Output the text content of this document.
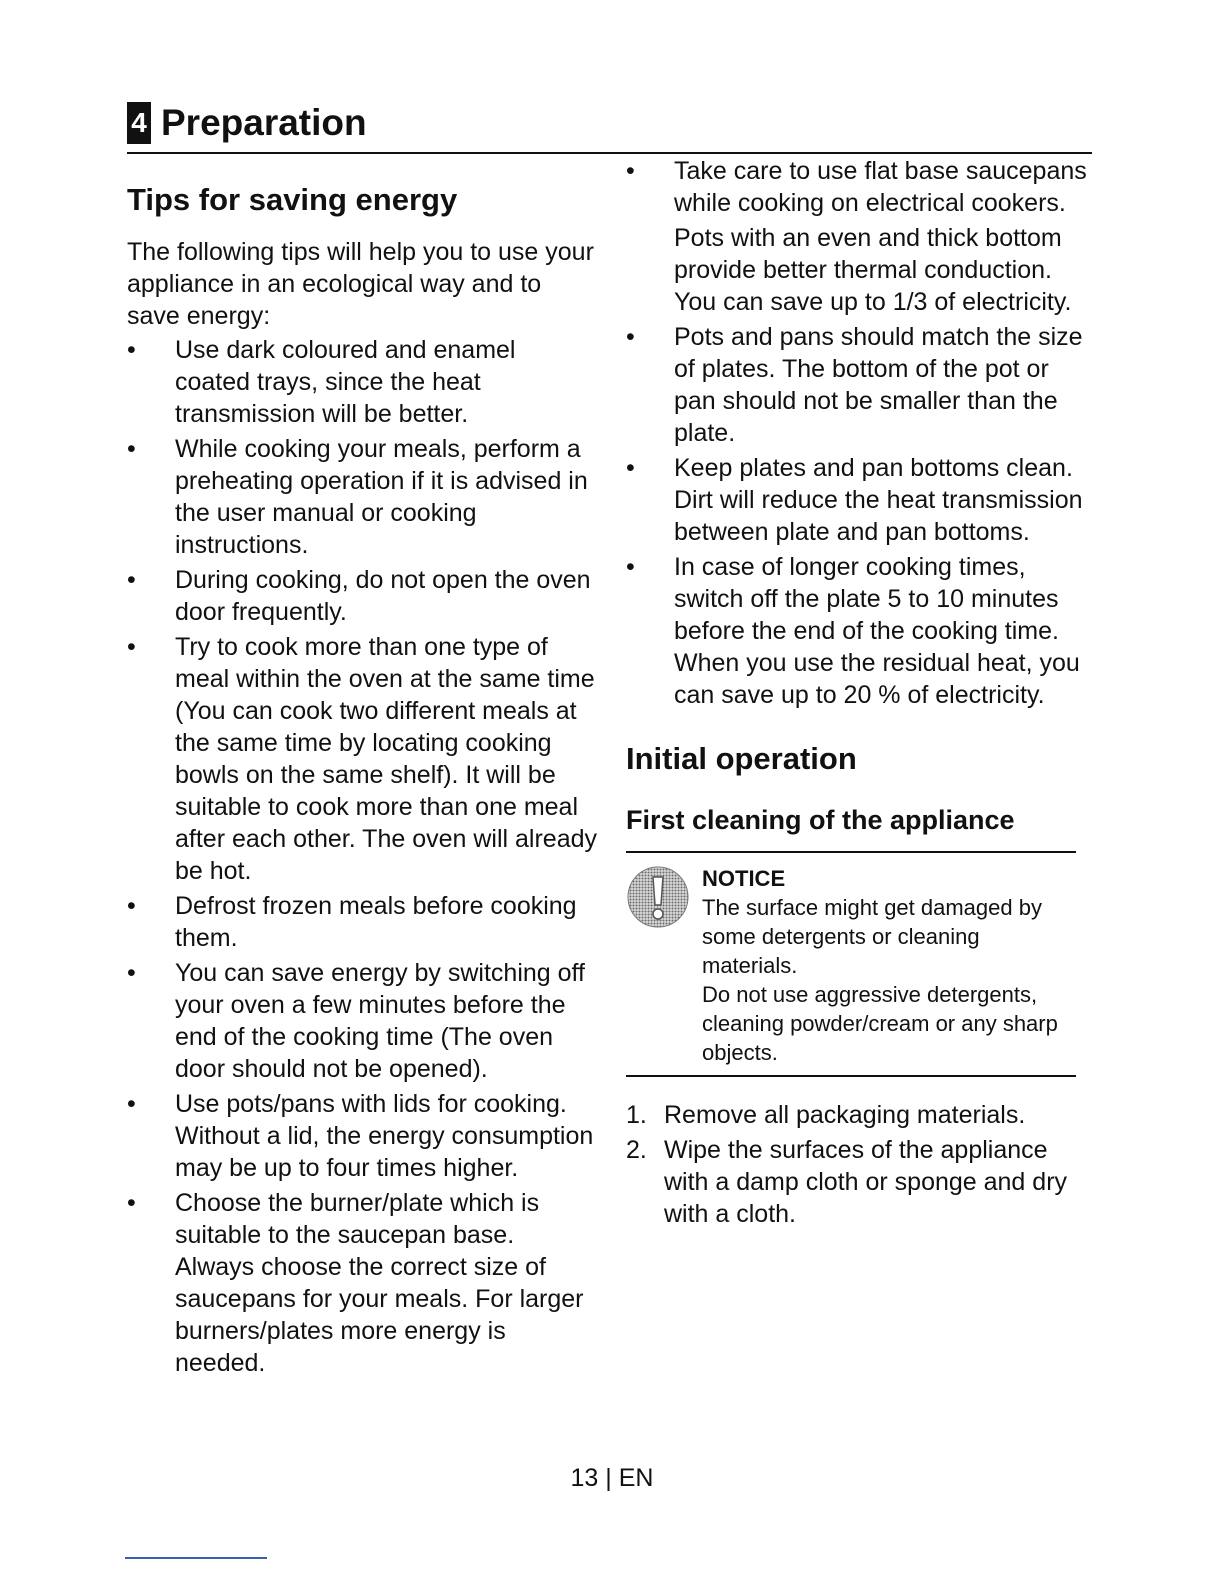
4 Preparation
Tips for saving energy

The following tips will help you to use your appliance in an ecological way and to save energy:

• Use dark coloured and enamel coated trays, since the heat transmission will be better.
• While cooking your meals, perform a preheating operation if it is advised in the user manual or cooking instructions.
• During cooking, do not open the oven door frequently.
• Try to cook more than one type of meal within the oven at the same time (You can cook two different meals at the same time by locating cooking bowls on the same shelf). It will be suitable to cook more than one meal after each other. The oven will already be hot.
• Defrost frozen meals before cooking them.
• You can save energy by switching off your oven a few minutes before the end of the cooking time (The oven door should not be opened).
• Use pots/pans with lids for cooking. Without a lid, the energy consumption may be up to four times higher.
• Choose the burner/plate which is suitable to the saucepan base. Always choose the correct size of saucepans for your meals. For larger burners/plates more energy is needed.
• Take care to use flat base saucepans while cooking on electrical cookers.
Pots with an even and thick bottom provide better thermal conduction. You can save up to 1/3 of electricity.
• Pots and pans should match the size of plates. The bottom of the pot or pan should not be smaller than the plate.
• Keep plates and pan bottoms clean. Dirt will reduce the heat transmission between plate and pan bottoms.
• In case of longer cooking times, switch off the plate 5 to 10 minutes before the end of the cooking time. When you use the residual heat, you can save up to 20 % of electricity.
Initial operation
First cleaning of the appliance
NOTICE
The surface might get damaged by some detergents or cleaning materials.
Do not use aggressive detergents, cleaning powder/cream or any sharp objects.
1. Remove all packaging materials.
2. Wipe the surfaces of the appliance with a damp cloth or sponge and dry with a cloth.
13 | EN
